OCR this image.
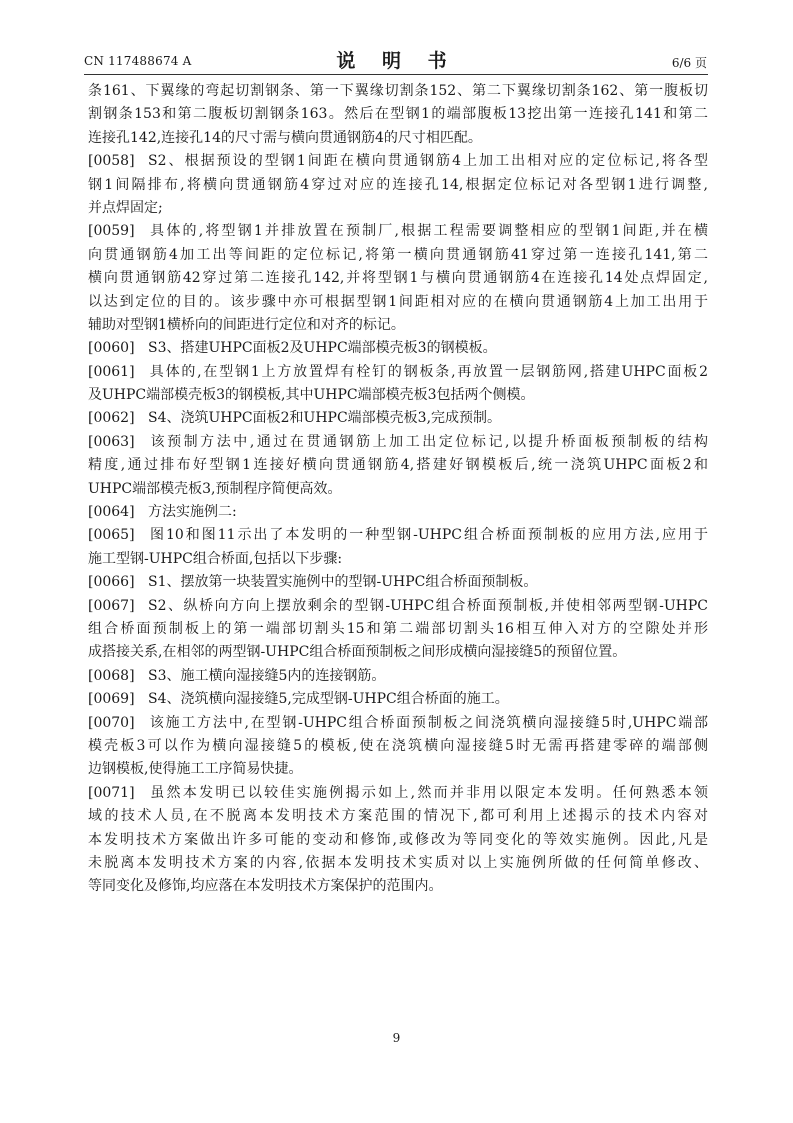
CN 117488674 A	说 明 书	6/6 页
条161、下翼缘的弯起切割钢条、第一下翼缘切割条152、第二下翼缘切割条162、第一腹板切
割钢条153和第二腹板切割钢条163。然后在型钢1的端部腹板13挖出第一连接孔141和第二
连接孔142,连接孔14的尺寸需与横向贯通钢筋4的尺寸相匹配。
[0058] S2、根据预设的型钢1间距在横向贯通钢筋4上加工出相对应的定位标记,将各型
钢1间隔排布,将横向贯通钢筋4穿过对应的连接孔14,根据定位标记对各型钢1进行调整,
并点焊固定;
[0059] 具体的,将型钢1并排放置在预制厂,根据工程需要调整相应的型钢1间距,并在横
向贯通钢筋4加工出等间距的定位标记,将第一横向贯通钢筋41穿过第一连接孔141,第二
横向贯通钢筋42穿过第二连接孔142,并将型钢1与横向贯通钢筋4在连接孔14处点焊固定,
以达到定位的目的。该步骤中亦可根据型钢1间距相对应的在横向贯通钢筋4上加工出用于
辅助对型钢1横桥向的间距进行定位和对齐的标记。
[0060] S3、搭建UHPC面板2及UHPC端部模壳板3的钢模板。
[0061] 具体的,在型钢1上方放置焊有栓钉的钢板条,再放置一层钢筋网,搭建UHPC面板2
及UHPC端部模壳板3的钢模板,其中UHPC端部模壳板3包括两个侧模。
[0062] S4、浇筑UHPC面板2和UHPC端部模壳板3,完成预制。
[0063] 该预制方法中,通过在贯通钢筋上加工出定位标记,以提升桥面板预制板的结构
精度,通过排布好型钢1连接好横向贯通钢筋4,搭建好钢模板后,统一浇筑UHPC面板2和
UHPC端部模壳板3,预制程序简便高效。
[0064] 方法实施例二:
[0065] 图10和图11示出了本发明的一种型钢-UHPC组合桥面预制板的应用方法,应用于
施工型钢-UHPC组合桥面,包括以下步骤:
[0066] S1、摆放第一块装置实施例中的型钢-UHPC组合桥面预制板。
[0067] S2、纵桥向方向上摆放剩余的型钢-UHPC组合桥面预制板,并使相邻两型钢-UHPC
组合桥面预制板上的第一端部切割头15和第二端部切割头16相互伸入对方的空隙处并形
成搭接关系,在相邻的两型钢-UHPC组合桥面预制板之间形成横向湿接缝5的预留位置。
[0068] S3、施工横向湿接缝5内的连接钢筋。
[0069] S4、浇筑横向湿接缝5,完成型钢-UHPC组合桥面的施工。
[0070] 该施工方法中,在型钢-UHPC组合桥面预制板之间浇筑横向湿接缝5时,UHPC端部
模壳板3可以作为横向湿接缝5的模板,使在浇筑横向湿接缝5时无需再搭建零碎的端部侧
边钢模板,使得施工工序简易快捷。
[0071] 虽然本发明已以较佳实施例揭示如上,然而并非用以限定本发明。任何熟悉本领
域的技术人员,在不脱离本发明技术方案范围的情况下,都可利用上述揭示的技术内容对
本发明技术方案做出许多可能的变动和修饰,或修改为等同变化的等效实施例。因此,凡是
未脱离本发明技术方案的内容,依据本发明技术实质对以上实施例所做的任何简单修改、
等同变化及修饰,均应落在本发明技术方案保护的范围内。
9
